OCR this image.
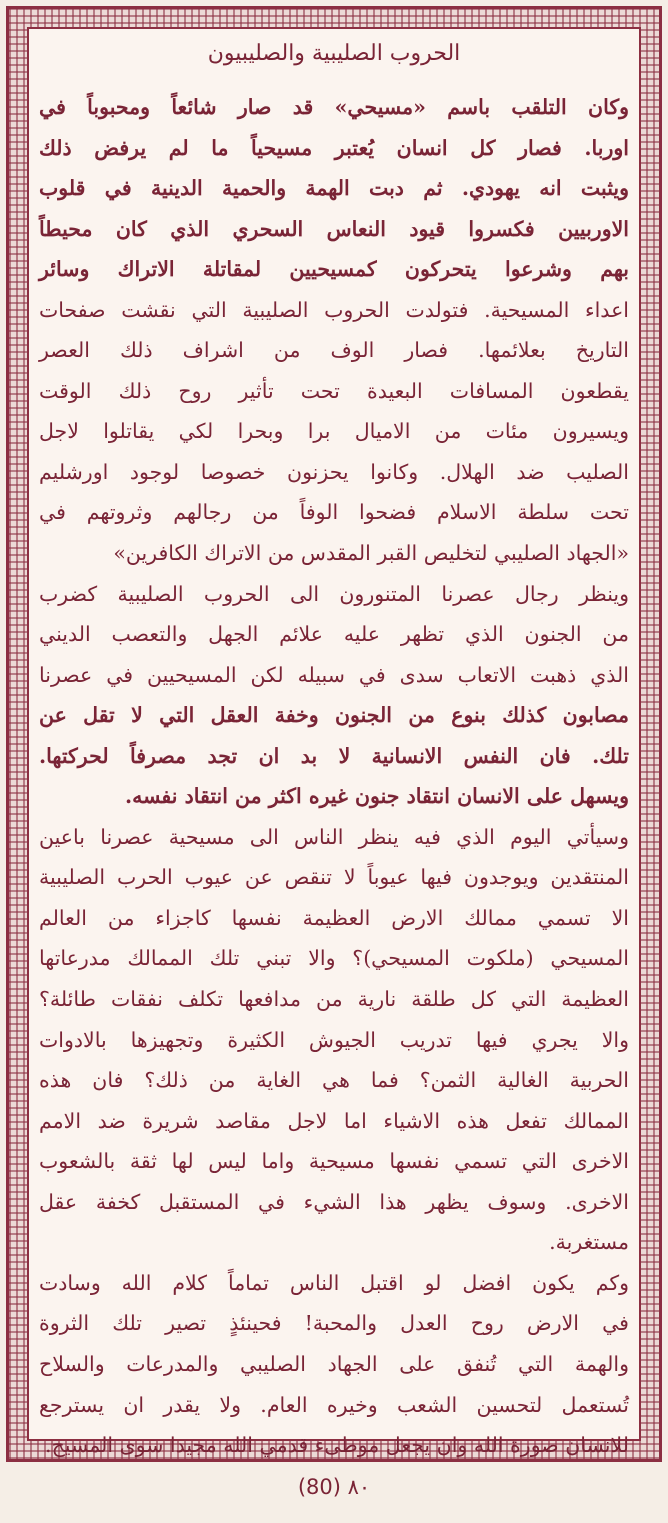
الحروب الصليبية والصليبيون
وكان التلقب باسم «مسيحي» قد صار شائعاً ومحبوباً في
اوربا. فصار كل انسان يُعتبر مسيحياً ما لم يرفض ذلك
ويثبت انه يهودي. ثم دبت الهمة والحمية الدينية في قلوب
الاوربيين فكسروا قيود النعاس السحري الذي كان محيطاً
بهم وشرعوا يتحركون كمسيحيين لمقاتلة الاتراك وسائر
اعداء المسيحية. فتولدت الحروب الصليبية التي نقشت صفحات
التاريخ بعلائمها. فصار الوف من اشراف ذلك العصر
يقطعون المسافات البعيدة تحت تأثير روح ذلك الوقت
ويسيرون مئات من الاميال برا وبحرا لكي يقاتلوا لاجل
الصليب ضد الهلال. وكانوا يحزنون خصوصا لوجود اورشليم
تحت سلطة الاسلام فضحوا الوفاً من رجالهم وثروتهم في
«الجهاد الصليبي لتخليص القبر المقدس من الاتراك الكافرين»
وينظر رجال عصرنا المتنورون الى الحروب الصليبية كضرب
من الجنون الذي تظهر عليه علائم الجهل والتعصب الديني
الذي ذهبت الاتعاب سدى في سبيله لكن المسيحيين في عصرنا
مصابون كذلك بنوع من الجنون وخفة العقل التي لا تقل عن
تلك. فان النفس الانسانية لا بد ان تجد مصرفاً لحركتها.
ويسهل على الانسان انتقاد جنون غيره اكثر من انتقاد نفسه.
وسيأتي اليوم الذي فيه ينظر الناس الى مسيحية عصرنا باعين
المنتقدين ويوجدون فيها عيوباً لا تنقص عن عيوب الحرب الصليبية
الا تسمي ممالك الارض العظيمة نفسها كاجزاء من العالم
المسيحي (ملكوت المسيحي)؟ والا تبني تلك الممالك مدرعاتها
العظيمة التي كل طلقة نارية من مدافعها تكلف نفقات طائلة؟
والا يجري فيها تدريب الجيوش الكثيرة وتجهيزها بالادوات
الحربية الغالية الثمن؟ فما هي الغاية من ذلك؟ فان هذه
الممالك تفعل هذه الاشياء اما لاجل مقاصد شريرة ضد الامم
الاخرى التي تسمي نفسها مسيحية واما ليس لها ثقة بالشعوب
الاخرى. وسوف يظهر هذا الشيء في المستقبل كخفة عقل
مستغربة.
وكم يكون افضل لو اقتبل الناس تماماً كلام الله وسادت
في الارض روح العدل والمحبة! فحينئذٍ تصير تلك الثروة
والهمة التي تُنفق على الجهاد الصليبي والمدرعات والسلاح
تُستعمل لتحسين الشعب وخيره العام. ولا يقدر ان يسترجع
للانسان صورة الله وان يجعل موطىء قدمي الله مجيدا سوى المسيح.
(80) ٨٠
